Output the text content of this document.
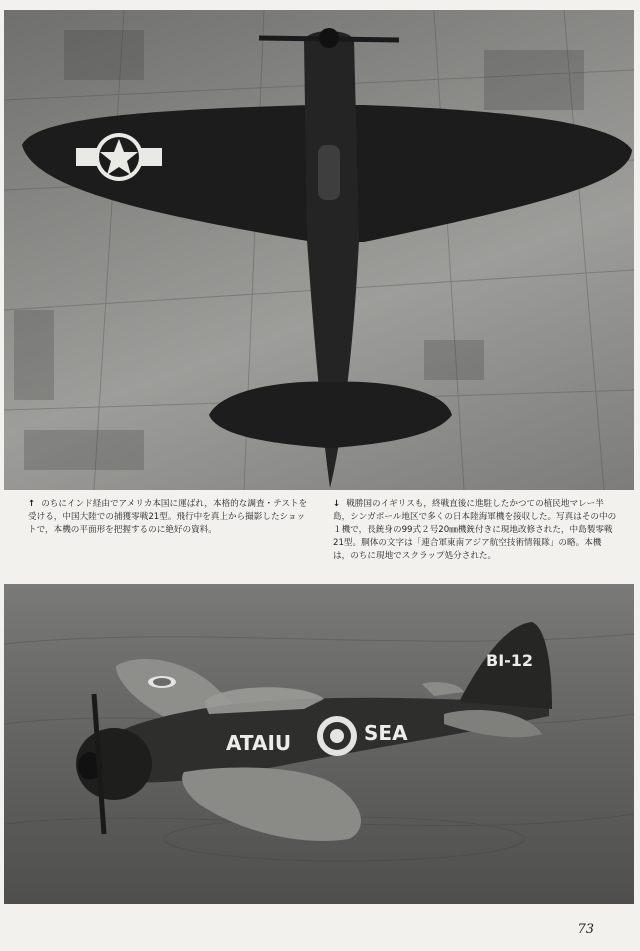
↑ のちにインド経由でアメリカ本国に運ばれ，本格的な調査・テストを受ける，中国大陸での捕獲零戦21型。飛行中を真上から撮影したショットで，本機の平面形を把握するのに絶好の資料。
↓ 戦勝国のイギリスも，終戦直後に進駐したかつての植民地マレー半島，シンガポール地区で多くの日本陸海軍機を接収した。写真はその中の１機で，長銃身の99式２号20㎜機銃付きに現地改修された，中島製零戦21型。胴体の文字は「連合軍東南アジア航空技術情報隊」の略。本機は，のちに現地でスクラップ処分された。
ATAIU	SEA
BI-12
73
